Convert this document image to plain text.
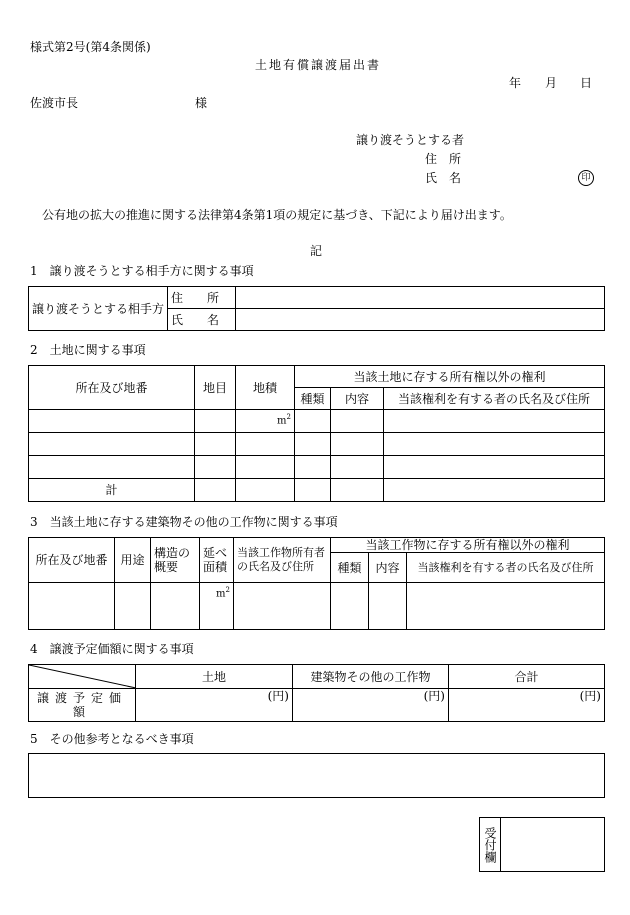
様式第2号(第4条関係)
土地有償譲渡届出書
年 月 日
佐渡市長	様
譲り渡そうとする者
住　所
氏　名	印
公有地の拡大の推進に関する法律第4条第1項の規定に基づき、下記により届け出ます。
記
1　譲り渡そうとする相手方に関する事項
譲り渡そうとする相手方	住　　所	
	氏　　名	
2　土地に関する事項
所在及び地番	地目	地積	当該土地に存する所有権以外の権利		
			種類	内容	当該権利を有する者の氏名及び住所
		$m^2$			

計					
3　当該土地に存する建築物その他の工作物に関する事項
所在及び地番	用途	構造の概要	延べ面積	当該工作物所有者の氏名及び住所	当該工作物に存する所有権以外の権利		
					種類	内容	当該権利を有する者の氏名及び住所
			$m^2$				
4　譲渡予定価額に関する事項
	土地	建築物その他の工作物	合計
譲渡予定価額	(円)	(円)	(円)
5　その他参考となるべき事項
受付欄	
